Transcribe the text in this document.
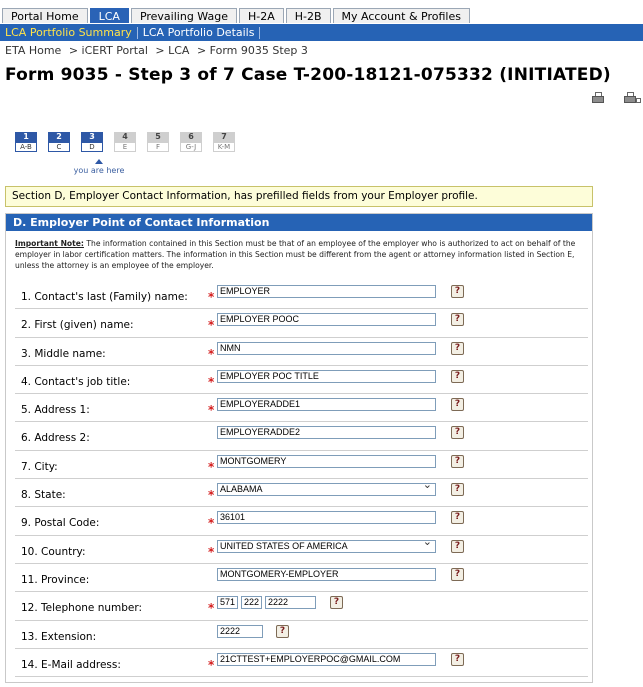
Portal Home	LCA	Prevailing Wage	H-2A	H-2B	My Account & Profiles
LCA Portfolio Summary	LCA Portfolio Details
ETA Home > iCERT Portal > LCA > Form 9035 Step 3
Form 9035 - Step 3 of 7 Case T-200-18121-075332 (INITIATED)
1
A-B
2
C
3
D
4
E
5
F
6
G-J
7
K-M
you are here
Section D, Employer Contact Information, has prefilled fields from your Employer profile.
D. Employer Point of Contact Information
Important Note: The information contained in this Section must be that of an employee of the employer who is authorized to act on behalf of the employer in labor certification matters. The information in this Section must be different from the agent or attorney information listed in Section E, unless the attorney is an employee of the employer.
1. Contact's last (Family) name: * EMPLOYER	?
2. First (given) name:	* EMPLOYER POOC	?
3. Middle name:	* NMN	?
4. Contact's job title:	* EMPLOYER POC TITLE	?
5. Address 1:	* EMPLOYERADDE1	?
6. Address 2:	EMPLOYERADDE2	?
7. City:	* MONTGOMERY	?
8. State:	* ALABAMA ⌄	?
9. Postal Code:	* 36101	?
10. Country:	* UNITED STATES OF AMERICA ⌄	?
11. Province:	MONTGOMERY-EMPLOYER	?
12. Telephone number:	* 571 222 2222	?
13. Extension:	2222	?
14. E-Mail address:	* 21CTTEST+EMPLOYERPOC@GMAIL.COM	?
